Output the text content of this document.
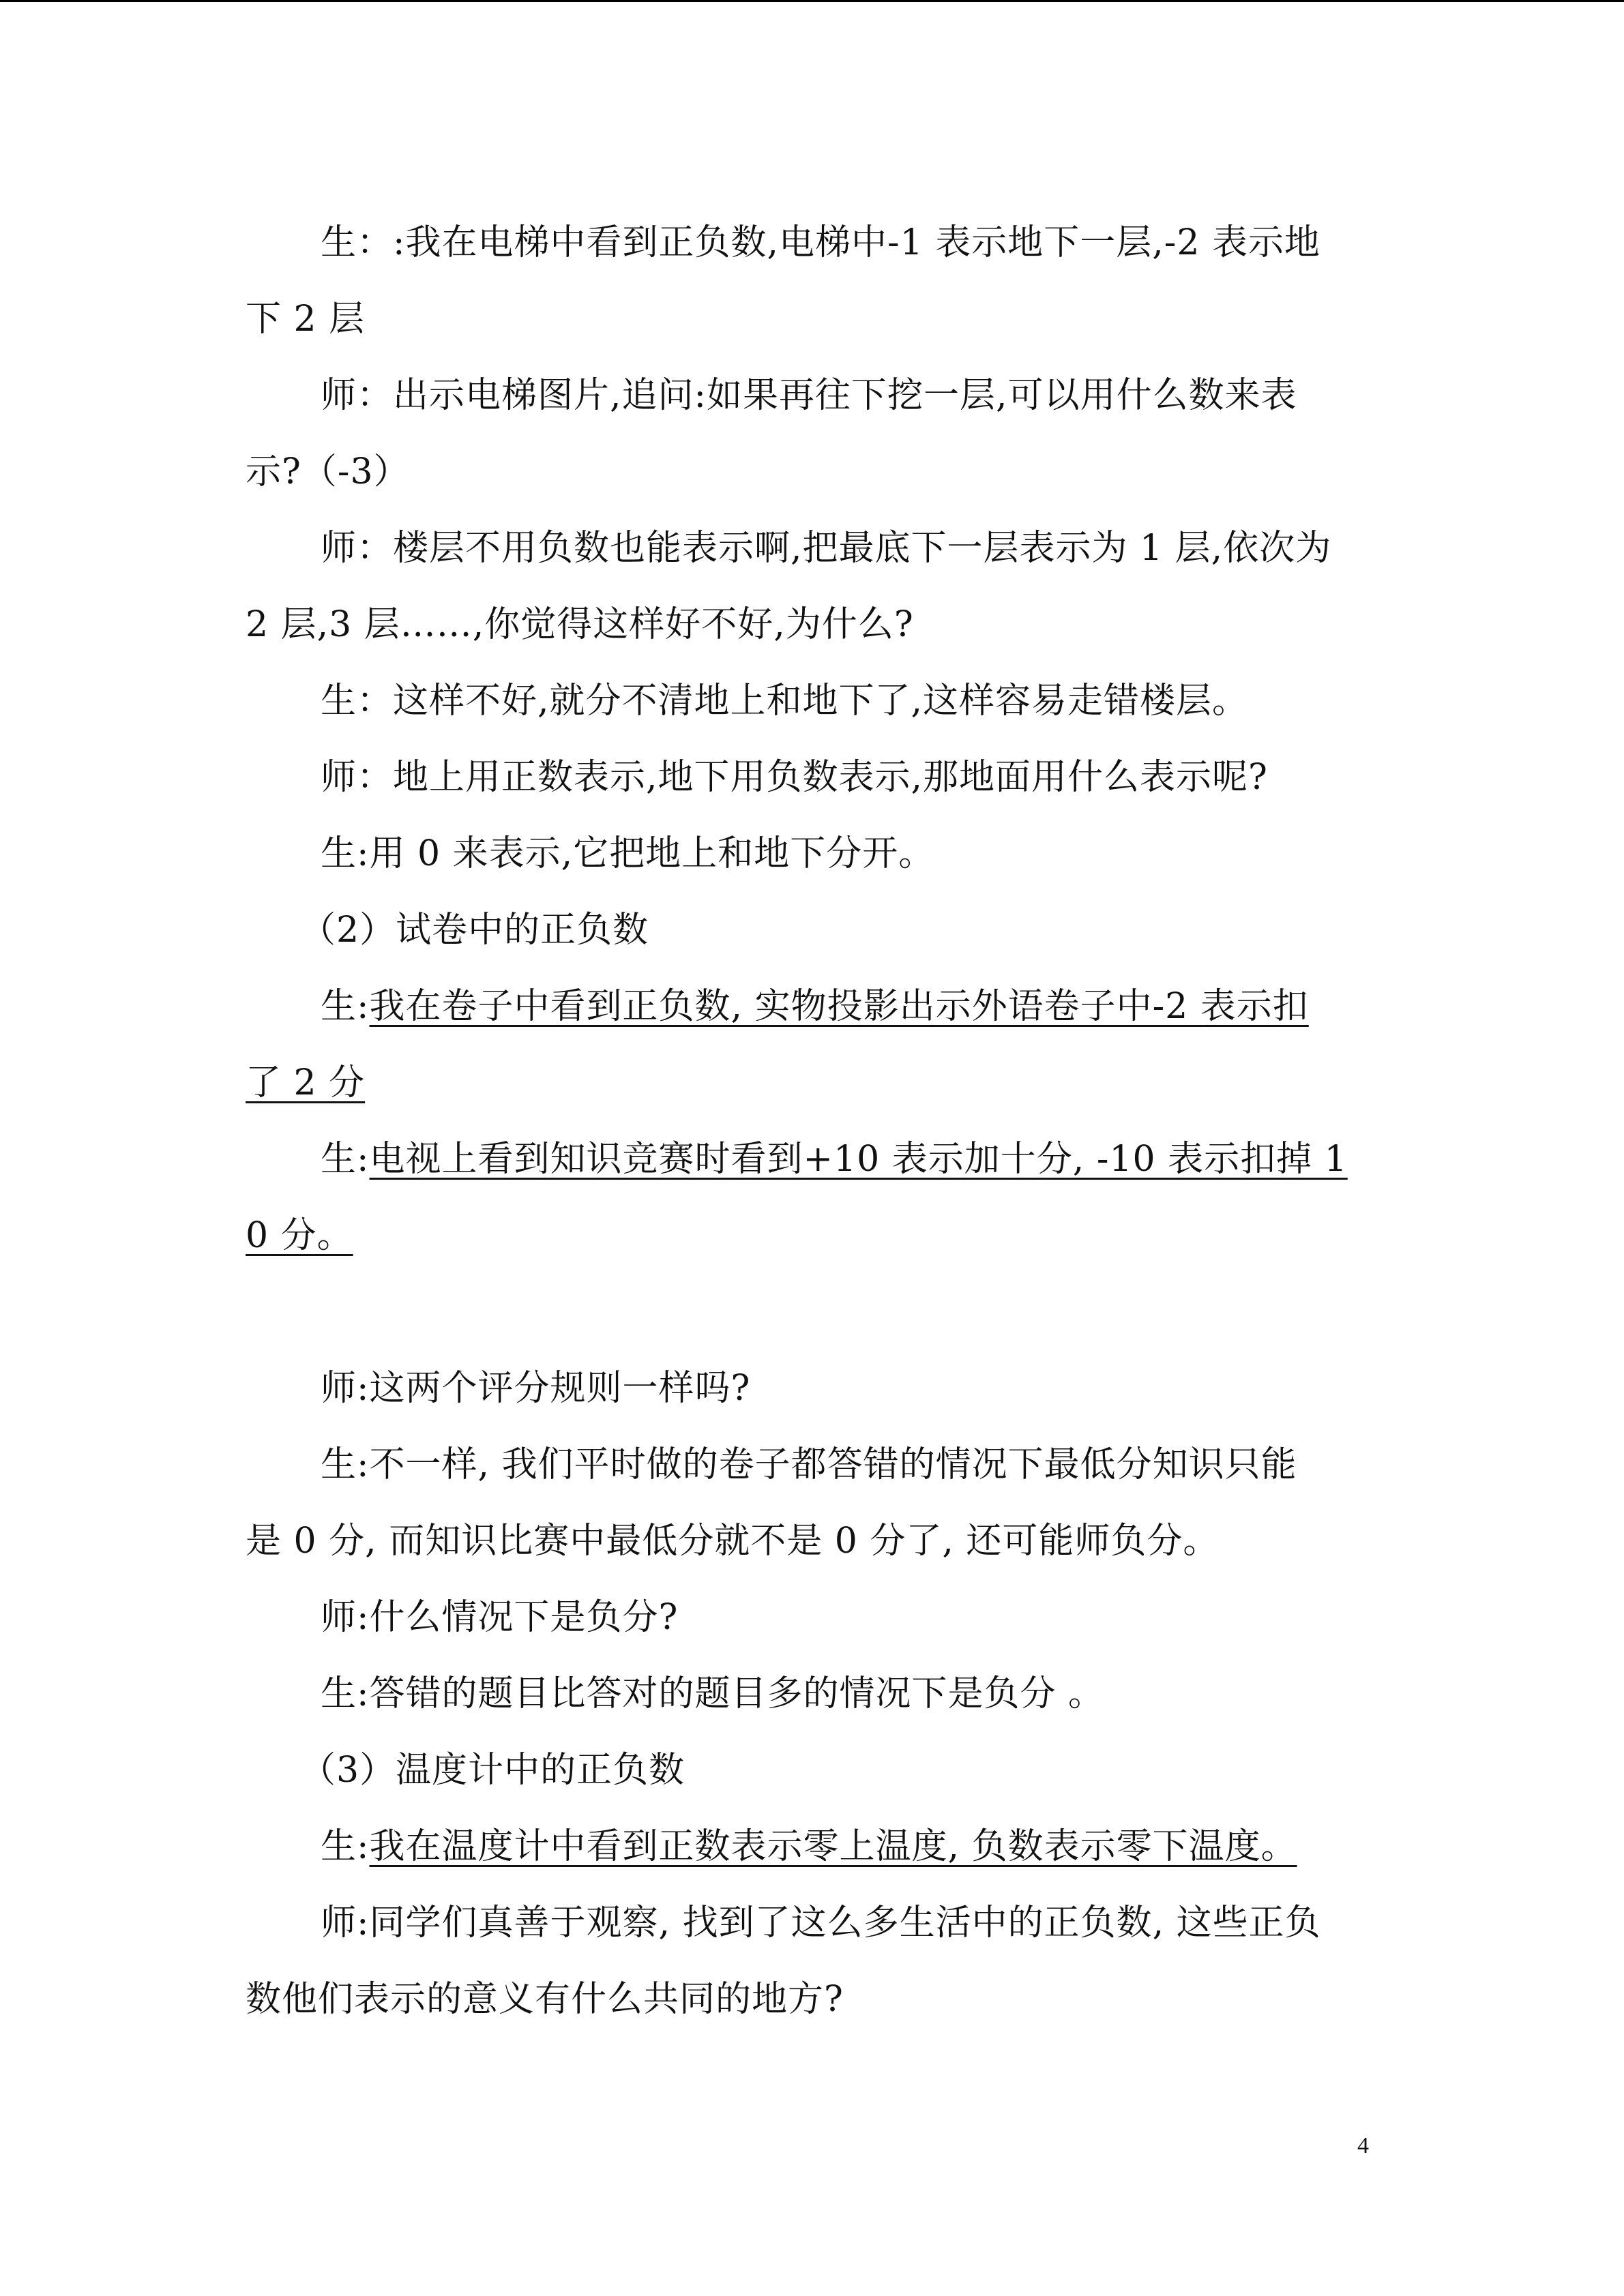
生：:我在电梯中看到正负数,电梯中-1 表示地下一层,-2 表示地
下 2 层
师：出示电梯图片,追问:如果再往下挖一层,可以用什么数来表
示?（-3）
师：楼层不用负数也能表示啊,把最底下一层表示为 1 层,依次为
2 层,3 层……,你觉得这样好不好,为什么?
生：这样不好,就分不清地上和地下了,这样容易走错楼层。
师：地上用正数表示,地下用负数表示,那地面用什么表示呢?
生:用 0 来表示,它把地上和地下分开。
（2）试卷中的正负数
生:我在卷子中看到正负数, 实物投影出示外语卷子中-2 表示扣
了 2 分
生:电视上看到知识竞赛时看到+10 表示加十分, -10 表示扣掉 1
0 分。
师:这两个评分规则一样吗?
生:不一样, 我们平时做的卷子都答错的情况下最低分知识只能
是 0 分, 而知识比赛中最低分就不是 0 分了, 还可能师负分。
师:什么情况下是负分?
生:答错的题目比答对的题目多的情况下是负分 。
（3）温度计中的正负数
生:我在温度计中看到正数表示零上温度, 负数表示零下温度。
师:同学们真善于观察, 找到了这么多生活中的正负数, 这些正负
数他们表示的意义有什么共同的地方?
4
